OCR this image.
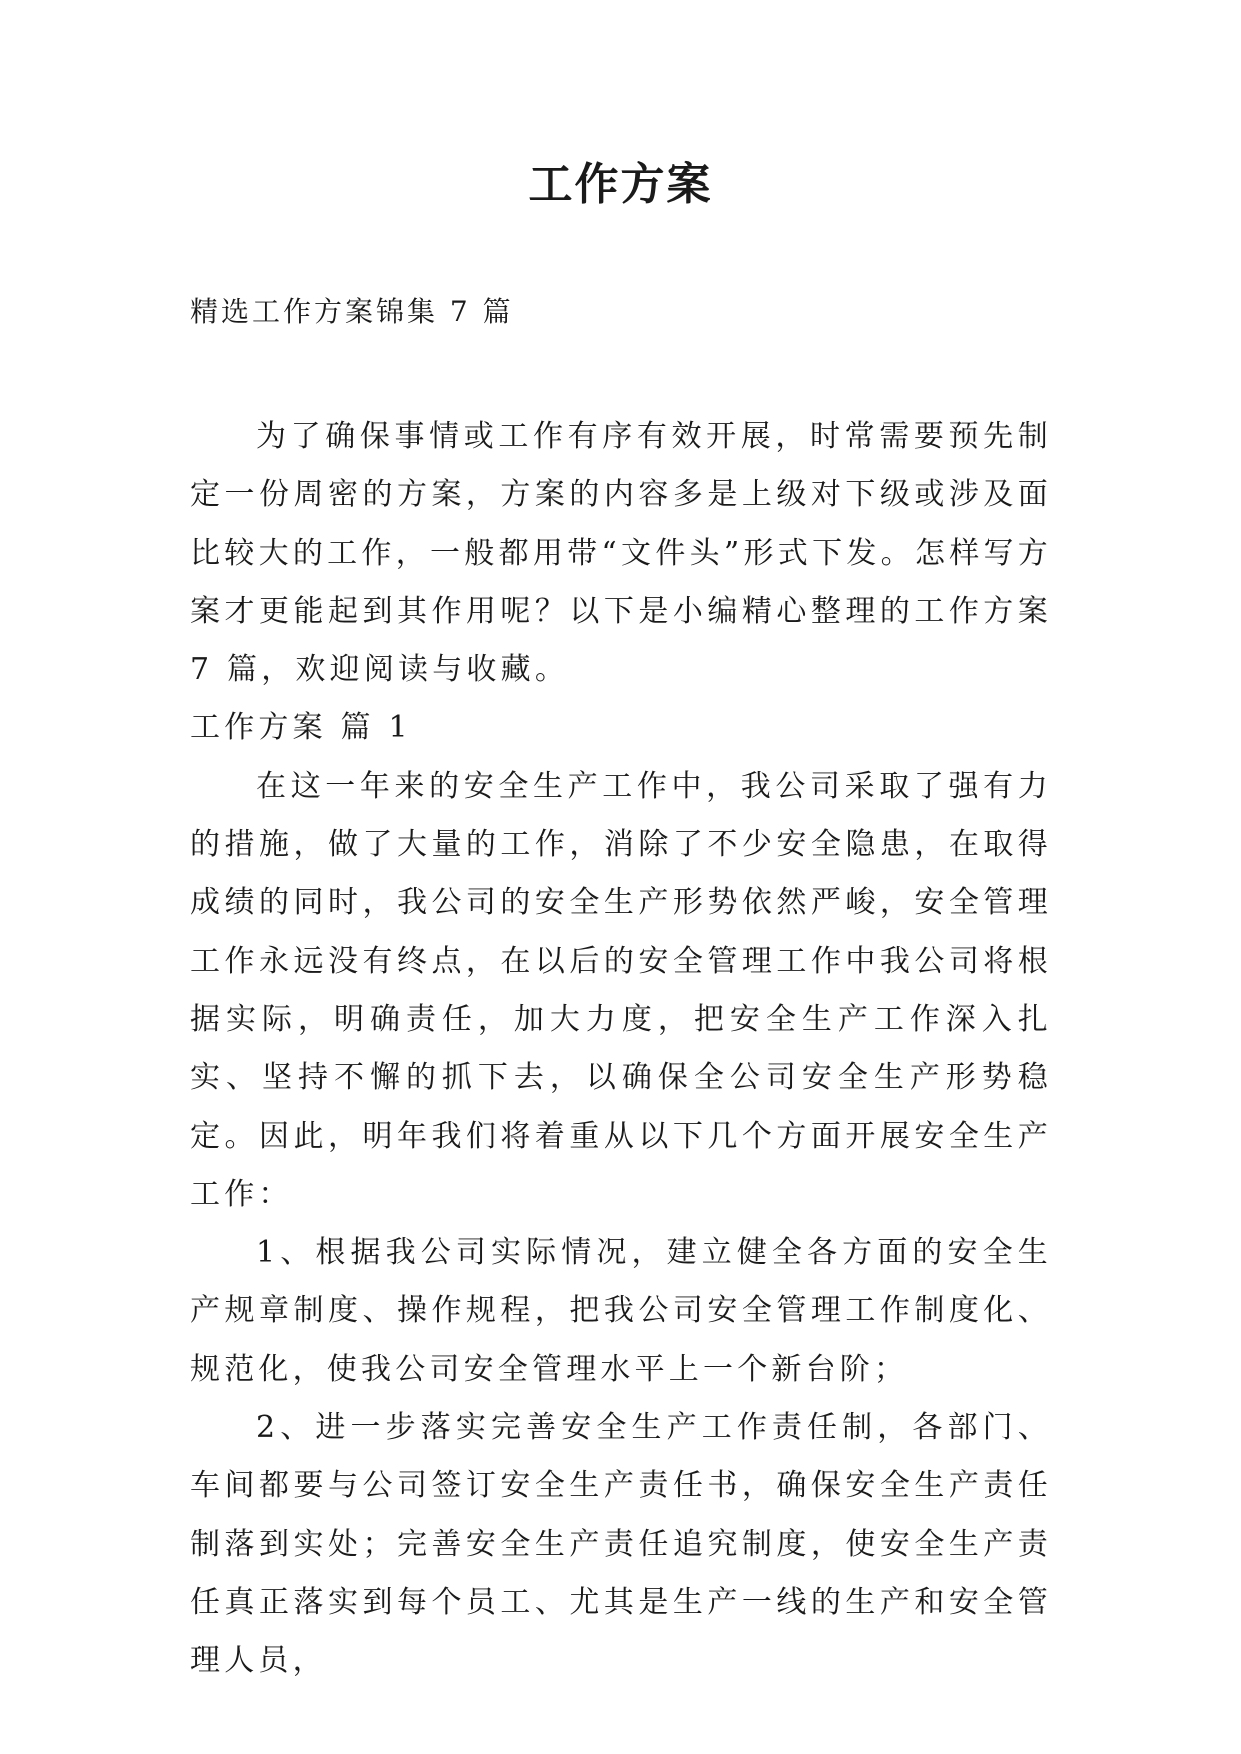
工作方案
精选工作方案锦集 7 篇

为了确保事情或工作有序有效开展，时常需要预先制定一份周密的方案，方案的内容多是上级对下级或涉及面比较大的工作，一般都用带“文件头”形式下发。怎样写方案才更能起到其作用呢？以下是小编精心整理的工作方案 7 篇，欢迎阅读与收藏。

工作方案 篇 1

在这一年来的安全生产工作中，我公司采取了强有力的措施，做了大量的工作，消除了不少安全隐患，在取得成绩的同时，我公司的安全生产形势依然严峻，安全管理工作永远没有终点，在以后的安全管理工作中我公司将根据实际，明确责任，加大力度，把安全生产工作深入扎实、坚持不懈的抓下去，以确保全公司安全生产形势稳定。因此，明年我们将着重从以下几个方面开展安全生产工作：

1、根据我公司实际情况，建立健全各方面的安全生产规章制度、操作规程，把我公司安全管理工作制度化、规范化，使我公司安全管理水平上一个新台阶；

2、进一步落实完善安全生产工作责任制，各部门、车间都要与公司签订安全生产责任书，确保安全生产责任制落到实处；完善安全生产责任追究制度，使安全生产责任真正落实到每个员工、尤其是生产一线的生产和安全管理人员，
